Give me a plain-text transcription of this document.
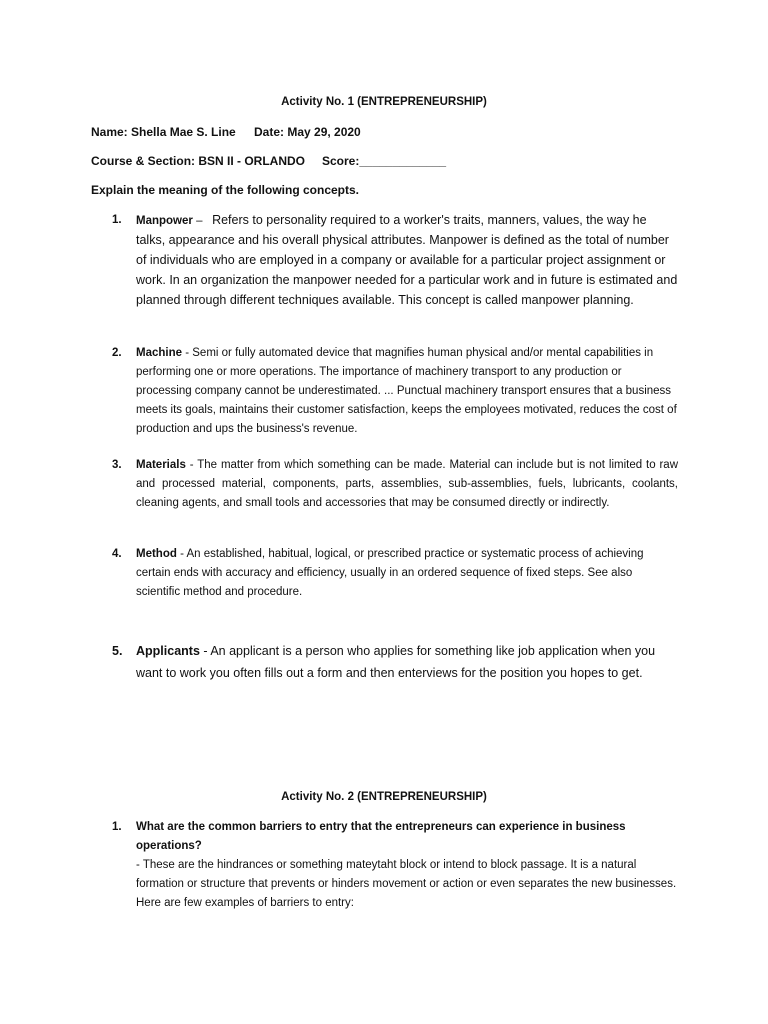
Activity No. 1 (ENTREPRENEURSHIP)
Name: Shella Mae S. Line Date: May 29, 2020
Course & Section: BSN II - ORLANDO Score:_____________
Explain the meaning of the following concepts.
1. Manpower –   Refers to personality required to a worker's traits, manners, values, the way he talks, appearance and his overall physical attributes. Manpower is defined as the total of number of individuals who are employed in a company or available for a particular project assignment or work. In an organization the manpower needed for a particular work and in future is estimated and planned through different techniques available. This concept is called manpower planning.
2. Machine - Semi or fully automated device that magnifies human physical and/or mental capabilities in performing one or more operations. The importance of machinery transport to any production or processing company cannot be underestimated. ... Punctual machinery transport ensures that a business meets its goals, maintains their customer satisfaction, keeps the employees motivated, reduces the cost of production and ups the business's revenue.
3. Materials - The matter from which something can be made. Material can include but is not limited to raw and processed material, components, parts, assemblies, sub-assemblies, fuels, lubricants, coolants, cleaning agents, and small tools and accessories that may be consumed directly or indirectly.
4. Method - An established, habitual, logical, or prescribed practice or systematic process of achieving certain ends with accuracy and efficiency, usually in an ordered sequence of fixed steps. See also scientific method and procedure.
5. Applicants - An applicant is a person who applies for something like job application when you want to work you often fills out a form and then enterviews for the position you hopes to get.
Activity No. 2 (ENTREPRENEURSHIP)
1. What are the common barriers to entry that the entrepreneurs can experience in business operations?
- These are the hindrances or something mateytaht block or intend to block passage. It is a natural formation or structure that prevents or hinders movement or action or even separates the new businesses.
Here are few examples of barriers to entry:
